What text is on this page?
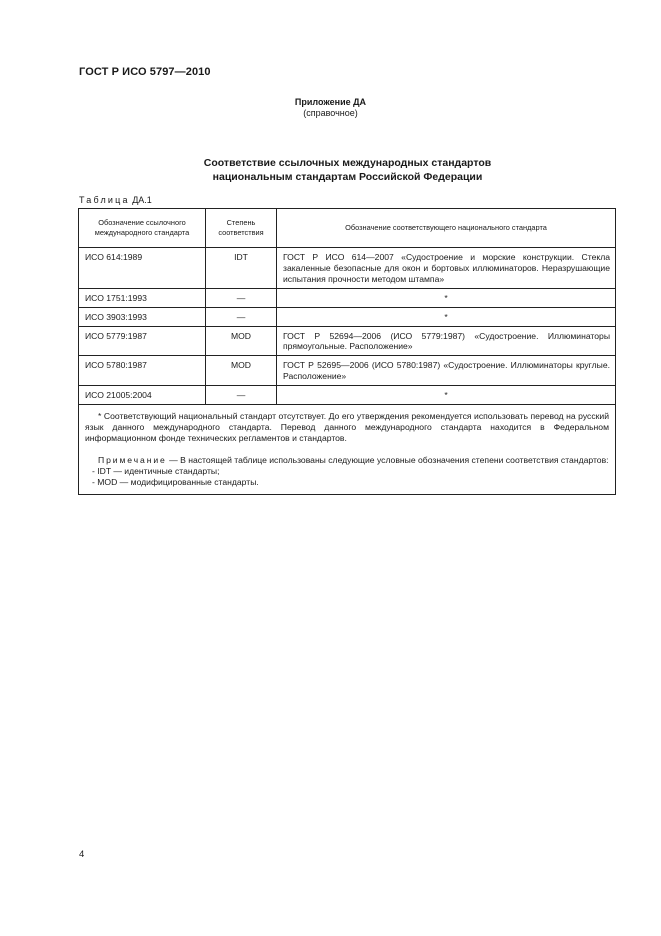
ГОСТ Р ИСО 5797—2010
Приложение ДА
(справочное)
Соответствие ссылочных международных стандартов
национальным стандартам Российской Федерации
Таблица ДА.1
Обозначение ссылочного международного стандарта	Степень соответствия	Обозначение соответствующего национального стандарта
ИСО 614:1989	IDT	ГОСТ Р ИСО 614—2007 «Судостроение и морские конструкции. Стекла закаленные безопасные для окон и бортовых иллюминаторов. Неразрушающие испытания прочности методом штампа»
ИСО 1751:1993	—	*
ИСО 3903:1993	—	*
ИСО 5779:1987	MOD	ГОСТ Р 52694—2006 (ИСО 5779:1987) «Судостроение. Иллюминаторы прямоугольные. Расположение»
ИСО 5780:1987	MOD	ГОСТ Р 52695—2006 (ИСО 5780:1987) «Судостроение. Иллюминаторы круглые. Расположение»
ИСО 21005:2004	—	*

* Соответствующий национальный стандарт отсутствует. До его утверждения рекомендуется использовать перевод на русский язык данного международного стандарта. Перевод данного международного стандарта находится в Федеральном информационном фонде технических регламентов и стандартов.

Примечание — В настоящей таблице использованы следующие условные обозначения степени соответствия стандартов:

- IDT — идентичные стандарты;

- MOD — модифицированные стандарты.		

4
